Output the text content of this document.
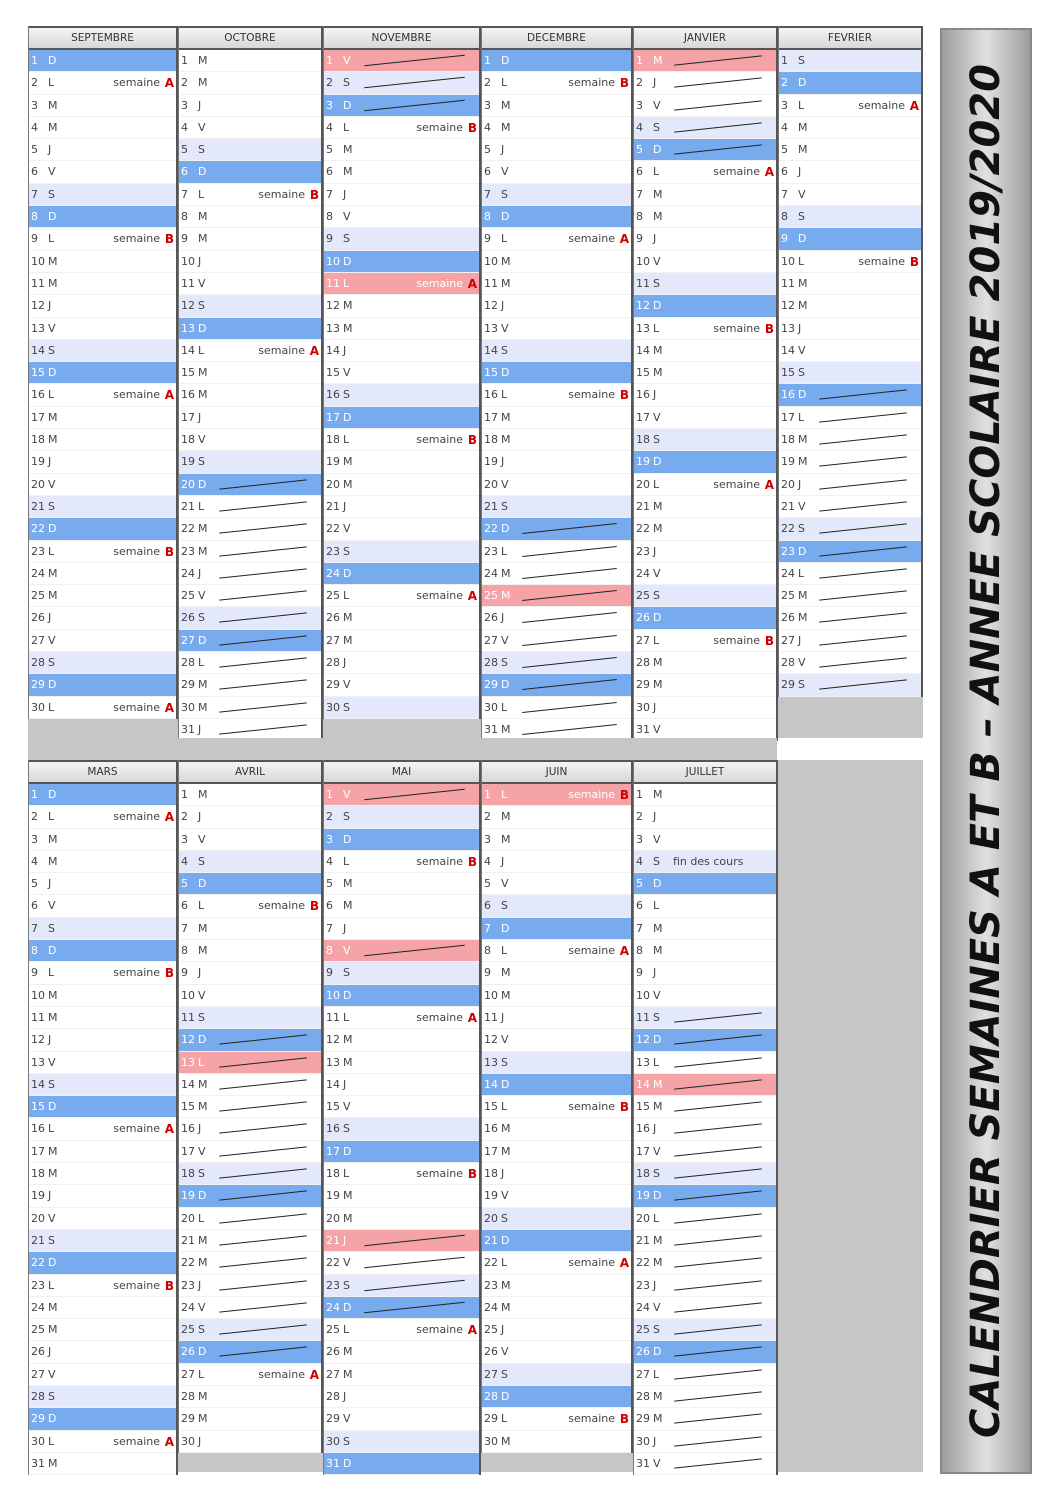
SEPTEMBRE
1 D
2 L	semaine A
3 M
4 M
5 J
6 V
7 S
8 D
9 L	semaine B
10 M
11 M
12 J
13 V
14 S
15 D
16 L	semaine A
17 M
18 M
19 J
20 V
21 S
22 D
23 L	semaine B
24 M
25 M
26 J
27 V
28 S
29 D
30 L	semaine A
OCTOBRE
1 M
2 M
3 J
4 V
5 S
6 D
7 L	semaine B
8 M
9 M
10 J
11 V
12 S
13 D
14 L	semaine A
15 M
16 M
17 J
18 V
19 S
20 D
21 L
22 M
23 M
24 J
25 V
26 S
27 D
28 L
29 M
30 M
31 J
NOVEMBRE
1 V
2 S
3 D
4 L	semaine B
5 M
6 M
7 J
8 V
9 S
10 D
11 L	semaine A
12 M
13 M
14 J
15 V
16 S
17 D
18 L	semaine B
19 M
20 M
21 J
22 V
23 S
24 D
25 L	semaine A
26 M
27 M
28 J
29 V
30 S
DECEMBRE
1 D
2 L	semaine B
3 M
4 M
5 J
6 V
7 S
8 D
9 L	semaine A
10 M
11 M
12 J
13 V
14 S
15 D
16 L	semaine B
17 M
18 M
19 J
20 V
21 S
22 D
23 L
24 M
25 M
26 J
27 V
28 S
29 D
30 L
31 M
JANVIER
1 M
2 J
3 V
4 S
5 D
6 L	semaine A
7 M
8 M
9 J
10 V
11 S
12 D
13 L	semaine B
14 M
15 M
16 J
17 V
18 S
19 D
20 L	semaine A
21 M
22 M
23 J
24 V
25 S
26 D
27 L	semaine B
28 M
29 M
30 J
31 V
FEVRIER
1 S
2 D
3 L	semaine A
4 M
5 M
6 J
7 V
8 S
9 D
10 L	semaine B
11 M
12 M
13 J
14 V
15 S
16 D
17 L
18 M
19 M
20 J
21 V
22 S
23 D
24 L
25 M
26 M
27 J
28 V
29 S
MARS
1 D
2 L	semaine A
3 M
4 M
5 J
6 V
7 S
8 D
9 L	semaine B
10 M
11 M
12 J
13 V
14 S
15 D
16 L	semaine A
17 M
18 M
19 J
20 V
21 S
22 D
23 L	semaine B
24 M
25 M
26 J
27 V
28 S
29 D
30 L	semaine A
31 M
AVRIL
1 M
2 J
3 V
4 S
5 D
6 L	semaine B
7 M
8 M
9 J
10 V
11 S
12 D
13 L
14 M
15 M
16 J
17 V
18 S
19 D
20 L
21 M
22 M
23 J
24 V
25 S
26 D
27 L	semaine A
28 M
29 M
30 J
MAI
1 V
2 S
3 D
4 L	semaine B
5 M
6 M
7 J
8 V
9 S
10 D
11 L	semaine A
12 M
13 M
14 J
15 V
16 S
17 D
18 L	semaine B
19 M
20 M
21 J
22 V
23 S
24 D
25 L	semaine A
26 M
27 M
28 J
29 V
30 S
31 D
JUIN
1 L	semaine B
2 M
3 M
4 J
5 V
6 S
7 D
8 L	semaine A
9 M
10 M
11 J
12 V
13 S
14 D
15 L	semaine B
16 M
17 M
18 J
19 V
20 S
21 D
22 L	semaine A
23 M
24 M
25 J
26 V
27 S
28 D
29 L	semaine B
30 M
JUILLET
1 M
2 J
3 V
4 S fin des cours
5 D
6 L
7 M
8 M
9 J
10 V
11 S
12 D
13 L
14 M
15 M
16 J
17 V
18 S
19 D
20 L
21 M
22 M
23 J
24 V
25 S
26 D
27 L
28 M
29 M
30 J
31 V
CALENDRIER SEMAINES A ET B – ANNEE SCOLAIRE 2019/2020
